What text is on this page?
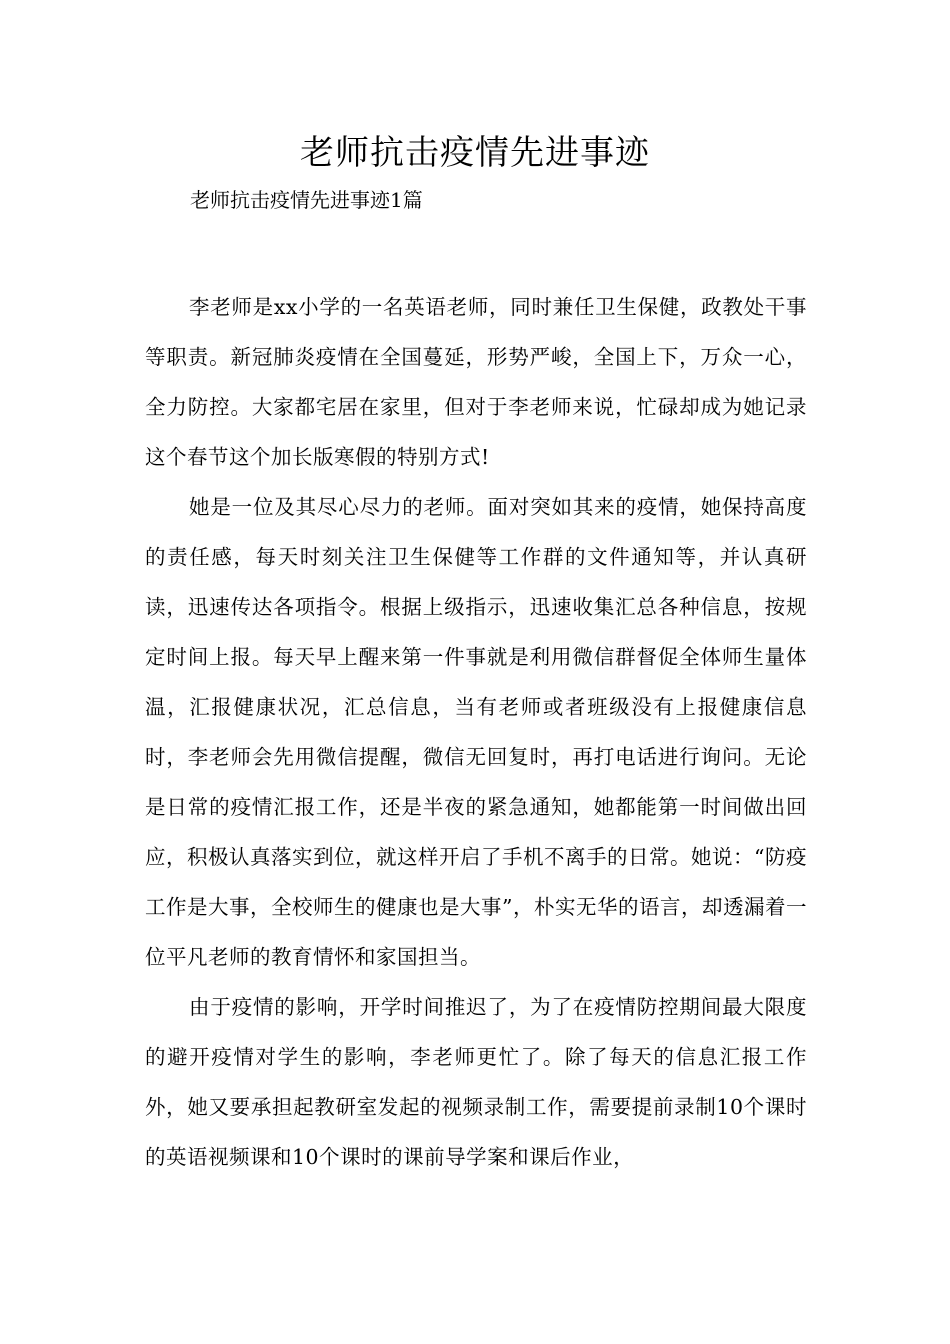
老师抗击疫情先进事迹

老师抗击疫情先进事迹1篇

李老师是xx小学的一名英语老师，同时兼任卫生保健，政教处干事等职责。新冠肺炎疫情在全国蔓延，形势严峻，全国上下，万众一心，全力防控。大家都宅居在家里，但对于李老师来说，忙碌却成为她记录这个春节这个加长版寒假的特别方式!

她是一位及其尽心尽力的老师。面对突如其来的疫情，她保持高度的责任感，每天时刻关注卫生保健等工作群的文件通知等，并认真研读，迅速传达各项指令。根据上级指示，迅速收集汇总各种信息，按规定时间上报。每天早上醒来第一件事就是利用微信群督促全体师生量体温，汇报健康状况，汇总信息，当有老师或者班级没有上报健康信息时，李老师会先用微信提醒，微信无回复时，再打电话进行询问。无论是日常的疫情汇报工作，还是半夜的紧急通知，她都能第一时间做出回应，积极认真落实到位，就这样开启了手机不离手的日常。她说：“防疫工作是大事，全校师生的健康也是大事”，朴实无华的语言，却透漏着一位平凡老师的教育情怀和家国担当。

由于疫情的影响，开学时间推迟了，为了在疫情防控期间最大限度的避开疫情对学生的影响，李老师更忙了。除了每天的信息汇报工作外，她又要承担起教研室发起的视频录制工作，需要提前录制10个课时的英语视频课和10个课时的课前导学案和课后作业，
